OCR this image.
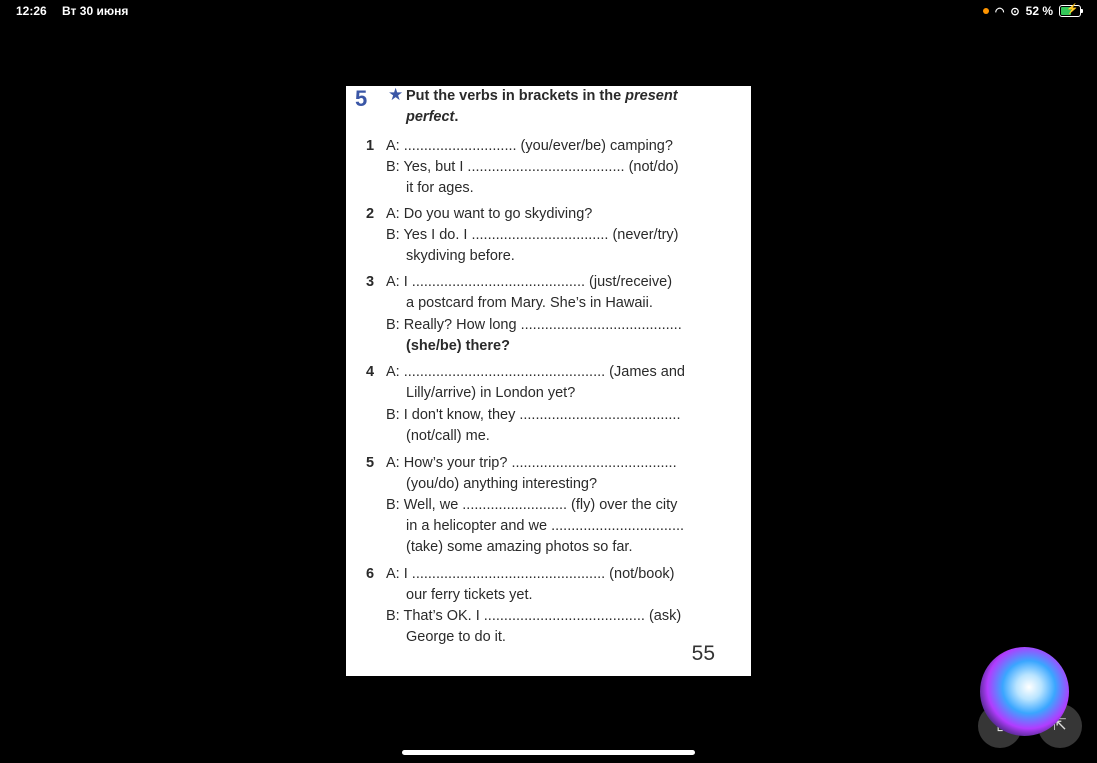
12:26 Вт 30 июня	◠ ⊙ 52 % ⚡
5 ★ Put the verbs in brackets in the present perfect.
1
2
3
4
5
6
A: ............................ (you/ever/be) camping?
B: Yes, but I ....................................... (not/do)
it for ages.
A: Do you want to go skydiving?
B: Yes I do. I .................................. (never/try)
skydiving before.
A: I ........................................... (just/receive)
a postcard from Mary. She’s in Hawaii.
B: Really? How long ........................................
(she/be) there?
A: .................................................. (James and
Lilly/arrive) in London yet?
B: I don't know, they ........................................
(not/call) me.
A: How’s your trip? .........................................
(you/do) anything interesting?
B: Well, we .......................... (fly) over the city
in a helicopter and we .................................
(take) some amazing photos so far.
A: I ................................................ (not/book)
our ferry tickets yet.
B: That’s OK. I ........................................ (ask)
George to do it.
55
⇱
